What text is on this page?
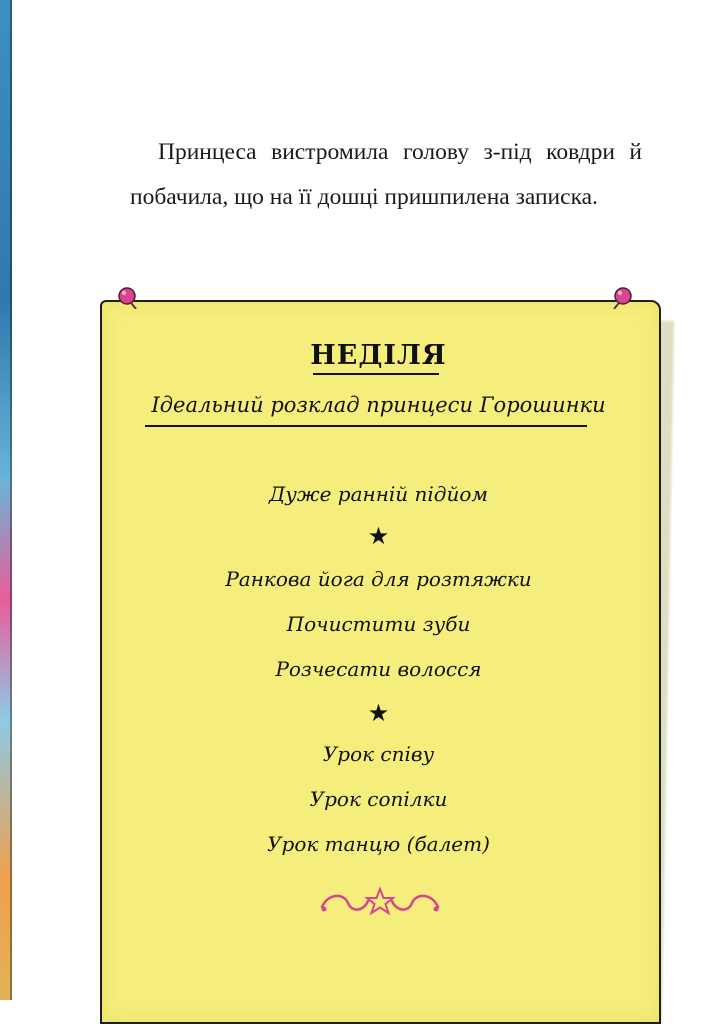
Принцеса вистромила голову з-під ковдри й побачила, що на її дошці пришпилена записка.

НЕДІЛЯ

Ідеальний розклад принцеси Горошинки

Дуже ранній підйом

★

Ранкова йога для розтяжки

Почистити зуби

Розчесати волосся

★

Урок співу

Урок сопілки

Урок танцю (балет)
